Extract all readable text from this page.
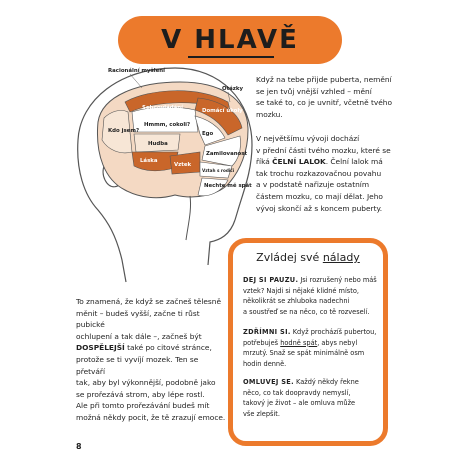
V HLAVĚ
Racionální myšlení
Otázky
Sebeovládání	Domácí úkoly
Kdo jsem?
Hmmm, cokoli?
Hudba
Ego
Láska
Zamilovanost
Vztek
Vztah s rodiči
Nechte mě spát
Když na tebe přijde puberta, nemění
se jen tvůj vnější vzhled – mění
se také to, co je uvnitř, včetně tvého
mozku.
V největšímu vývoji dochází
v přední části tvého mozku, které se
říká ČELNÍ LALOK. Čelní lalok má
tak trochu rozkazovačnou povahu
a v podstatě nařizuje ostatním
částem mozku, co mají dělat. Jeho
vývoj skončí až s koncem puberty.
To znamená, že když se začneš tělesně
měnit – budeš vyšší, začne ti růst pubické
ochlupení a tak dále –, začneš být
DOSPĚLEJŠÍ také po citové stránce,
protože se ti vyvíjí mozek. Ten se přetváří
tak, aby byl výkonnější, podobně jako
se prořezává strom, aby lépe rostl.
Ale při tomto prořezávání budeš mít
možná někdy pocit, že tě zrazují emoce.
Zvládej své nálady
DEJ SI PAUZU. Jsi rozrušený nebo máš
vztek? Najdi si nějaké klidné místo,
několikrát se zhluboka nadechni
a soustřeď se na něco, co tě rozveselí.
ZDŘÍMNI SI. Když procházíš pubertou,
potřebuješ hodně spát, abys nebyl
mrzutý. Snaž se spát minimálně osm
hodin denně.
OMLUVEJ SE. Každý někdy řekne
něco, co tak doopravdy nemyslí,
takový je život – ale omluva může
vše zlepšit.
8
